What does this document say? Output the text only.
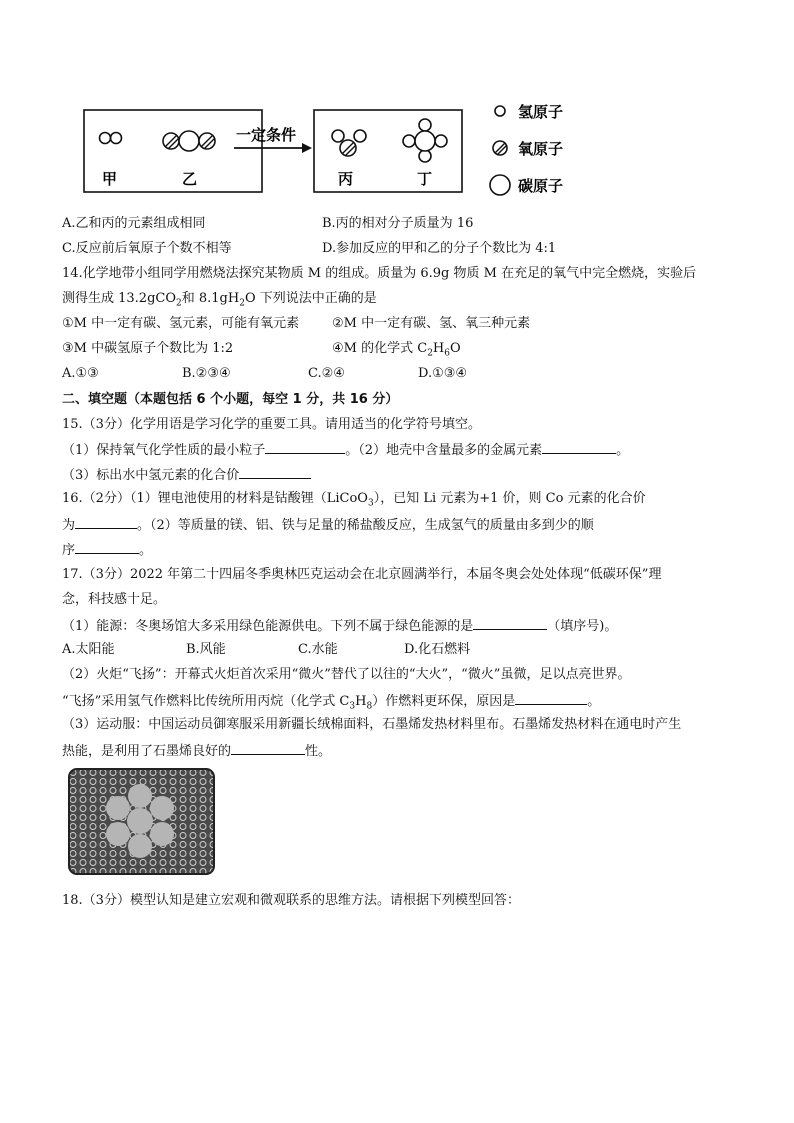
甲	乙
一定条件
丙	丁
氢原子
氧原子
碳原子
A.乙和丙的元素组成相同	B.丙的相对分子质量为 16
C.反应前后氧原子个数不相等	D.参加反应的甲和乙的分子个数比为 4:1
14.化学地带小组同学用燃烧法探究某物质 M 的组成。质量为 6.9g 物质 M 在充足的氧气中完全燃烧，实验后
测得生成 13.2gCO$_2$和 $8.1gH_2O$ 下列说法中正确的是
①M 中一定有碳、氢元素，可能有氧元素	②M 中一定有碳、氢、氧三种元素
③M 中碳氢原子个数比为 1:2	④M 的化学式 $C_2H_6O$
A.①③	B.②③④	C.②④	D.①③④
二、填空题（本题包括 6 个小题，每空 1 分，共 16 分）
15.（3分）化学用语是学习化学的重要工具。请用适当的化学符号填空。
（1）保持氧气化学性质的最小粒子	。（2）地壳中含量最多的金属元素	。
（3）标出水中氢元素的化合价
16.（2分）（1）锂电池使用的材料是钴酸锂（LiCoO$_3$），已知 Li 元素为+1 价，则 Co 元素的化合价
为	。（2）等质量的镁、铝、铁与足量的稀盐酸反应，生成氢气的质量由多到少的顺
序	。
17.（3分）2022 年第二十四届冬季奥林匹克运动会在北京圆满举行，本届冬奥会处处体现“低碳环保”理
念，科技感十足。
（1）能源：冬奥场馆大多采用绿色能源供电。下列不属于绿色能源的是	（填序号)。
A.太阳能	B.风能	C.水能	D.化石燃料
（2）火炬“飞扬”：开幕式火炬首次采用“微火”替代了以往的“大火”，“微火”虽微，足以点亮世界。
“飞扬”采用氢气作燃料比传统所用丙烷（化学式 $C_3H_8$）作燃料更环保，原因是	。
（3）运动服：中国运动员御寒服采用新疆长绒棉面料，石墨烯发热材料里布。石墨烯发热材料在通电时产生
热能，是利用了石墨烯良好的	性。
18.（3分）模型认知是建立宏观和微观联系的思维方法。请根据下列模型回答：
